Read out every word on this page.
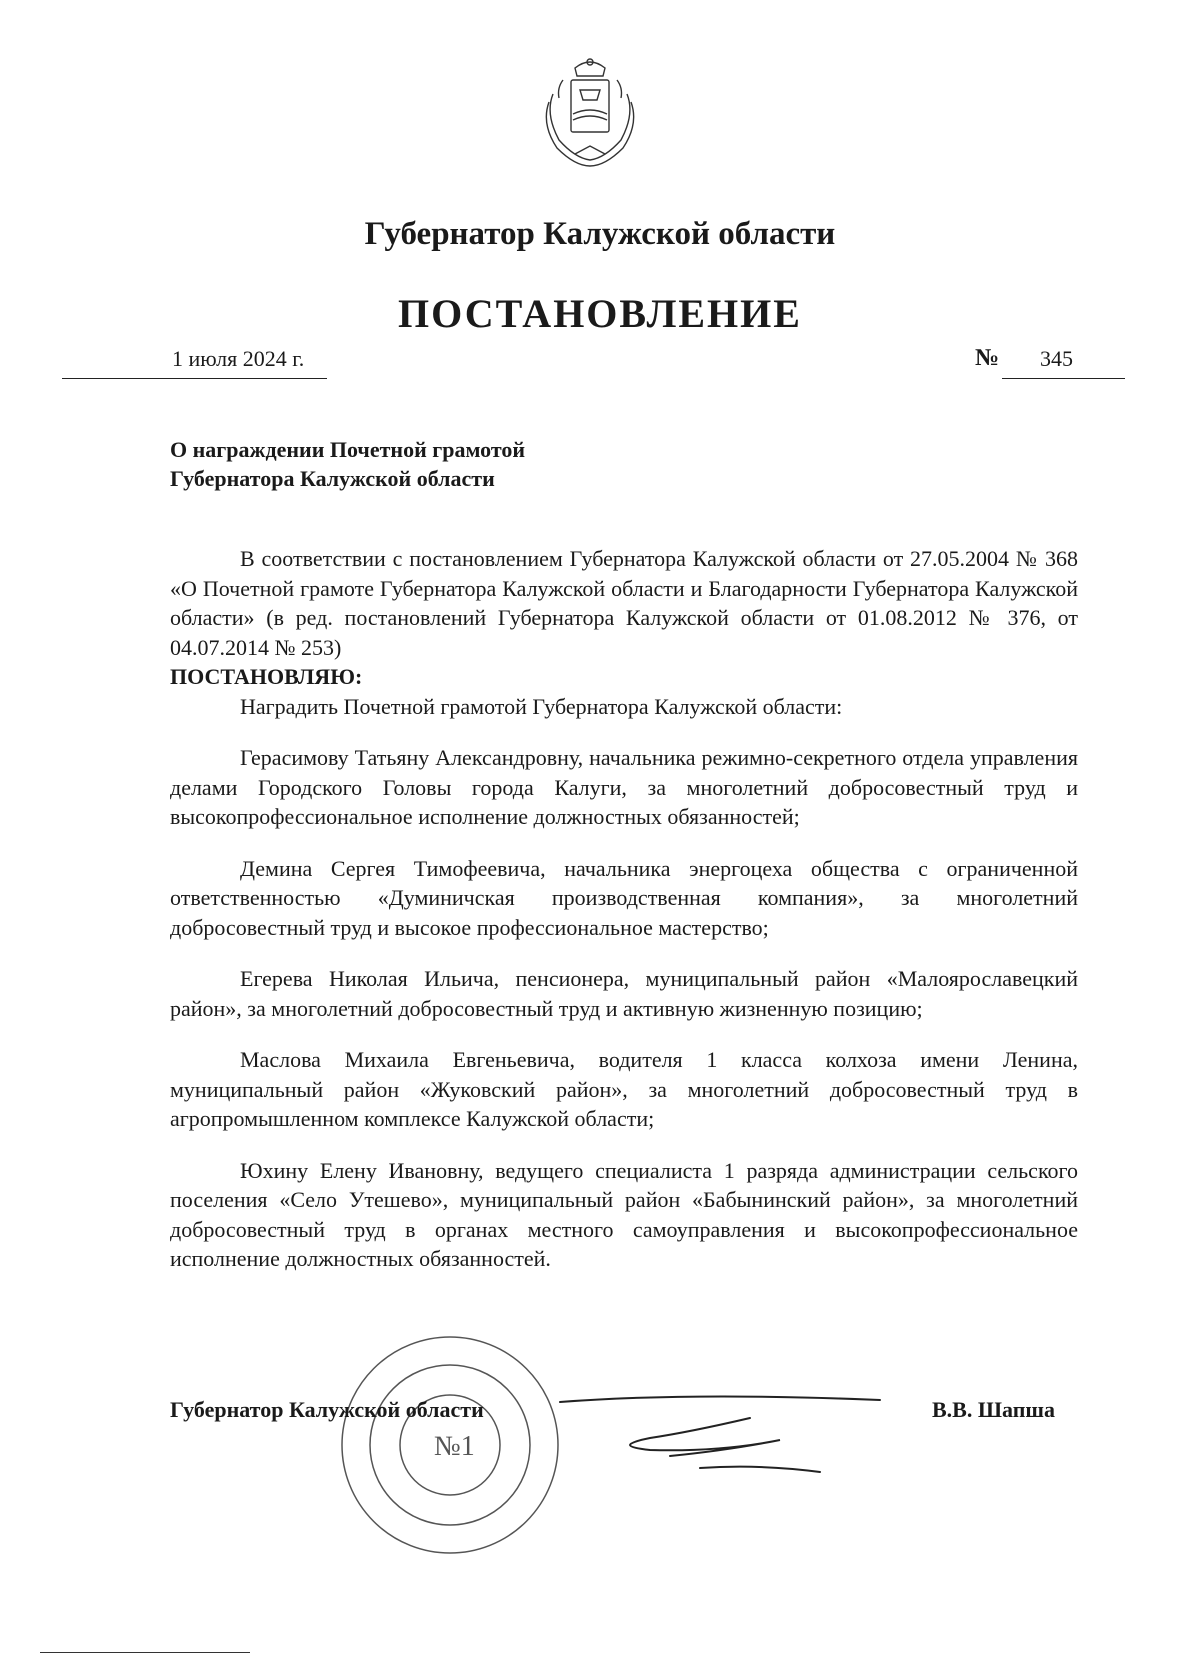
Губернатор Калужской области
ПОСТАНОВЛЕНИЕ
1 июля 2024 г.	№ 345
О награждении Почетной грамотой
Губернатора Калужской области

В соответствии с постановлением Губернатора Калужской области от 27.05.2004 № 368 «О Почетной грамоте Губернатора Калужской области и Благодарности Губернатора Калужской области» (в ред. постановлений Губернатора Калужской области от 01.08.2012 № 376, от 04.07.2014 № 253)

ПОСТАНОВЛЯЮ:

Наградить Почетной грамотой Губернатора Калужской области:

Герасимову Татьяну Александровну, начальника режимно-секретного отдела управления делами Городского Головы города Калуги, за многолетний добросовестный труд и высокопрофессиональное исполнение должностных обязанностей;

Демина Сергея Тимофеевича, начальника энергоцеха общества с ограниченной ответственностью «Думиничская производственная компания», за многолетний добросовестный труд и высокое профессиональное мастерство;

Егерева Николая Ильича, пенсионера, муниципальный район «Малоярославецкий район», за многолетний добросовестный труд и активную жизненную позицию;

Маслова Михаила Евгеньевича, водителя 1 класса колхоза имени Ленина, муниципальный район «Жуковский район», за многолетний добросовестный труд в агропромышленном комплексе Калужской области;

Юхину Елену Ивановну, ведущего специалиста 1 разряда администрации сельского поселения «Село Утешево», муниципальный район «Бабынинский район», за многолетний добросовестный труд в органах местного самоуправления и высокопрофессиональное исполнение должностных обязанностей.

№1
Губернатор Калужской области	В.В. Шапша
